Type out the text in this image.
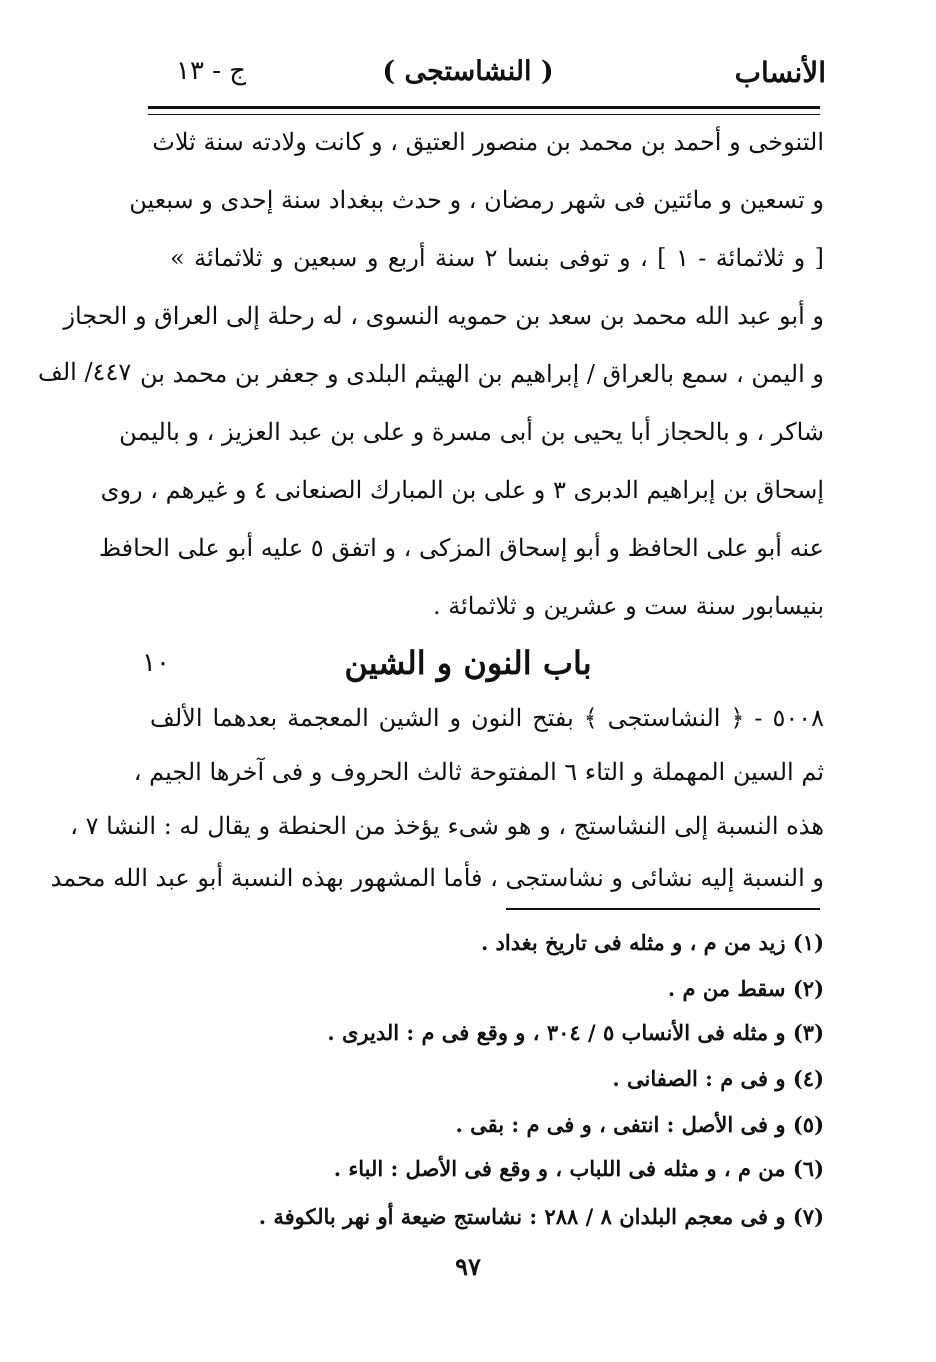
الأنساب
( النشاستجى )
ج - ١٣
التنوخى و أحمد بن محمد بن منصور العتيق ، و كانت ولادته سنة ثلاث
و تسعين و مائتين فى شهر رمضان ، و حدث ببغداد سنة إحدى و سبعين
[ و ثلاثمائة - ١ ] ، و توفى بنسا ٢ سنة أربع و سبعين و ثلاثمائة »
و أبو عبد الله محمد بن سعد بن حمويه النسوى ، له رحلة إلى العراق و الحجاز
و اليمن ، سمع بالعراق / إبراهيم بن الهيثم البلدى و جعفر بن محمد بن
شاكر ، و بالحجاز أبا يحيى بن أبى مسرة و على بن عبد العزيز ، و باليمن
إسحاق بن إبراهيم الدبرى ٣ و على بن المبارك الصنعانى ٤ و غيرهم ، روى
عنه أبو على الحافظ و أبو إسحاق المزكى ، و اتفق ٥ عليه أبو على الحافظ
بنيسابور سنة ست و عشرين و ثلاثمائة .
٤٤٧/ الف
باب النون و الشين
١٠
٥٠٠٨ - ﴿ النشاستجى ﴾ بفتح النون و الشين المعجمة بعدهما الألف
ثم السين المهملة و التاء ٦ المفتوحة ثالث الحروف و فى آخرها الجيم ،
هذه النسبة إلى النشاستج ، و هو شىء يؤخذ من الحنطة و يقال له : النشا ٧ ،
و النسبة إليه نشائى و نشاستجى ، فأما المشهور بهذه النسبة أبو عبد الله محمد
(١) زيد من م ، و مثله فى تاريخ بغداد .
(٢) سقط من م .
(٣) و مثله فى الأنساب ٥ / ٣٠٤ ، و وقع فى م : الديرى .
(٤) و فى م : الصفانى .
(٥) و فى الأصل : انتفى ، و فى م : بقى .
(٦) من م ، و مثله فى اللباب ، و وقع فى الأصل : الباء .
(٧) و فى معجم البلدان ٨ / ٢٨٨ : نشاستج ضيعة أو نهر بالكوفة .
٩٧
